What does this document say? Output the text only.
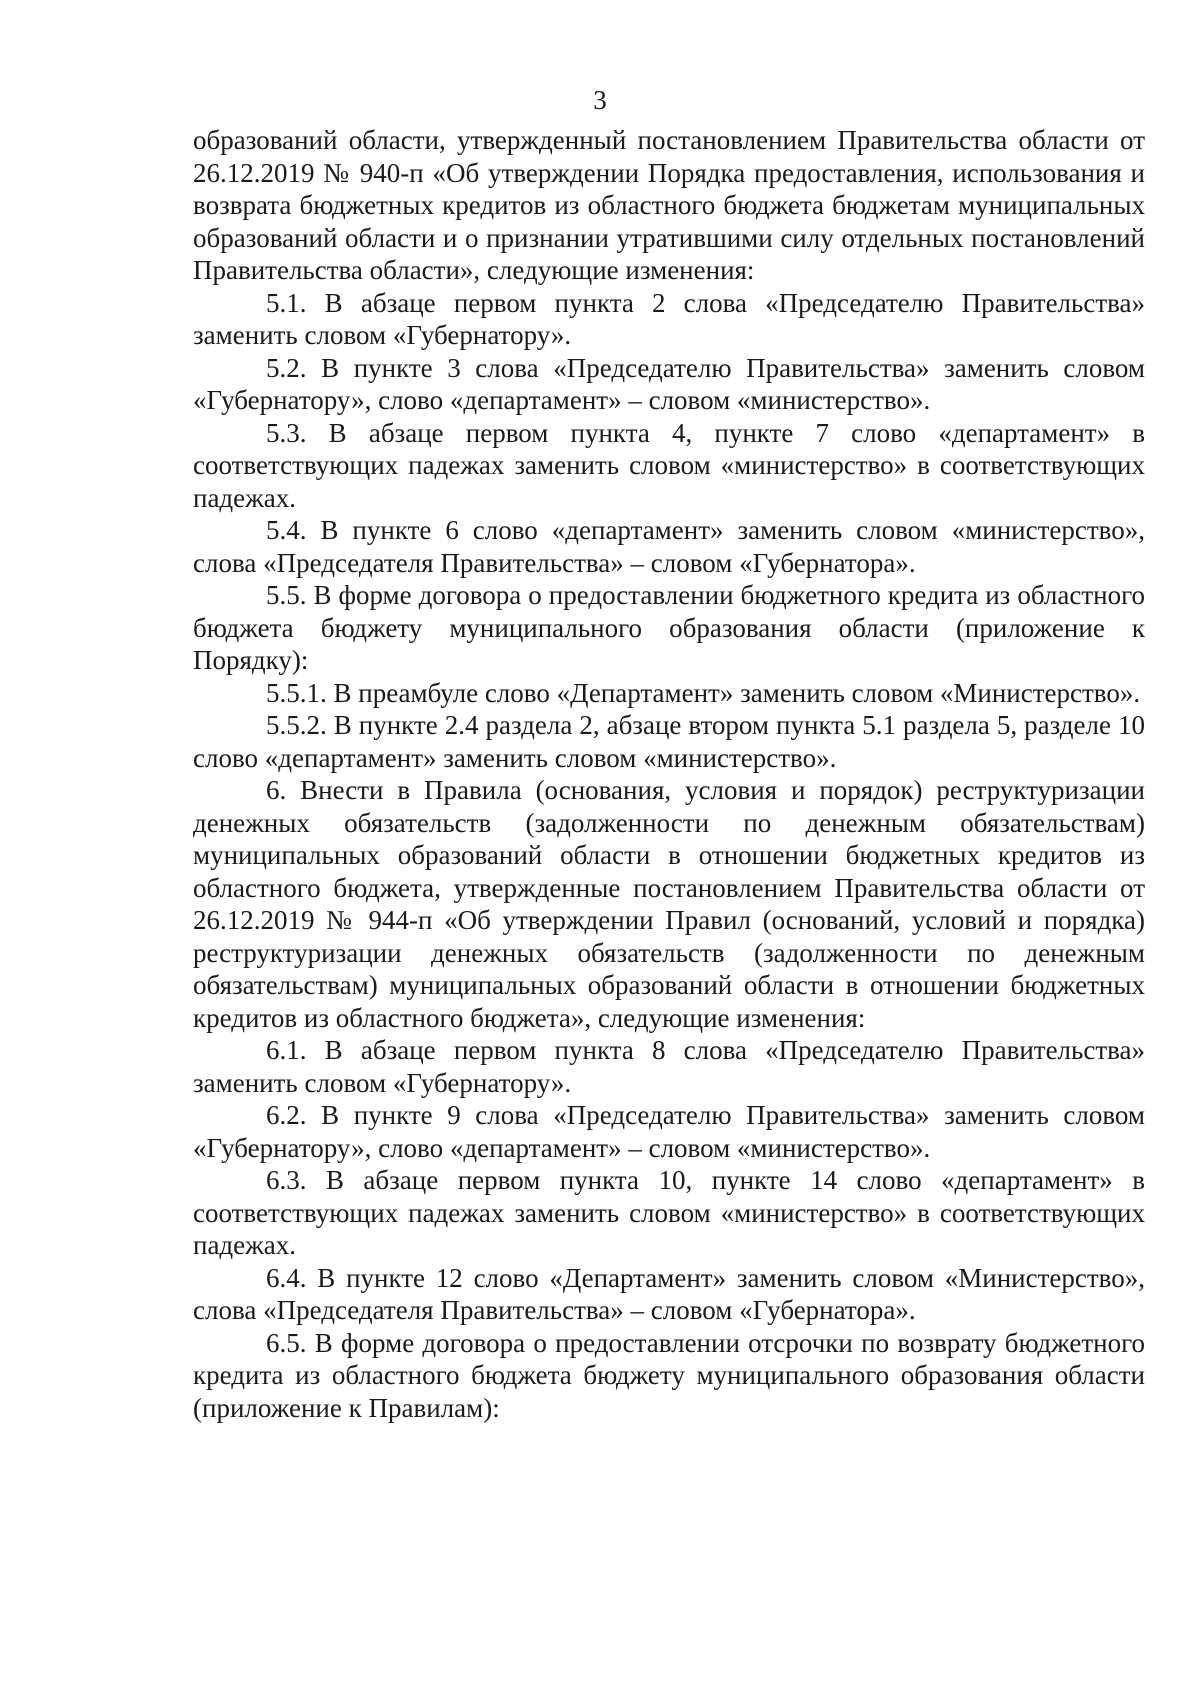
3

образований области, утвержденный постановлением Правительства области от 26.12.2019 № 940-п «Об утверждении Порядка предоставления, использования и возврата бюджетных кредитов из областного бюджета бюджетам муниципальных образований области и о признании утратившими силу отдельных постановлений Правительства области», следующие изменения:

5.1. В абзаце первом пункта 2 слова «Председателю Правительства» заменить словом «Губернатору».

5.2. В пункте 3 слова «Председателю Правительства» заменить словом «Губернатору», слово «департамент» – словом «министерство».

5.3. В абзаце первом пункта 4, пункте 7 слово «департамент» в соответствующих падежах заменить словом «министерство» в соответствующих падежах.

5.4. В пункте 6 слово «департамент» заменить словом «министерство», слова «Председателя Правительства» – словом «Губернатора».

5.5. В форме договора о предоставлении бюджетного кредита из областного бюджета бюджету муниципального образования области (приложение к Порядку):

5.5.1. В преамбуле слово «Департамент» заменить словом «Министерство».

5.5.2. В пункте 2.4 раздела 2, абзаце втором пункта 5.1 раздела 5, разделе 10 слово «департамент» заменить словом «министерство».

6. Внести в Правила (основания, условия и порядок) реструктуризации денежных обязательств (задолженности по денежным обязательствам) муниципальных образований области в отношении бюджетных кредитов из областного бюджета, утвержденные постановлением Правительства области от 26.12.2019 № 944-п «Об утверждении Правил (оснований, условий и порядка) реструктуризации денежных обязательств (задолженности по денежным обязательствам) муниципальных образований области в отношении бюджетных кредитов из областного бюджета», следующие изменения:

6.1. В абзаце первом пункта 8 слова «Председателю Правительства» заменить словом «Губернатору».

6.2. В пункте 9 слова «Председателю Правительства» заменить словом «Губернатору», слово «департамент» – словом «министерство».

6.3. В абзаце первом пункта 10, пункте 14 слово «департамент» в соответствующих падежах заменить словом «министерство» в соответствующих падежах.

6.4. В пункте 12 слово «Департамент» заменить словом «Министерство», слова «Председателя Правительства» – словом «Губернатора».

6.5. В форме договора о предоставлении отсрочки по возврату бюджетного кредита из областного бюджета бюджету муниципального образования области (приложение к Правилам):
